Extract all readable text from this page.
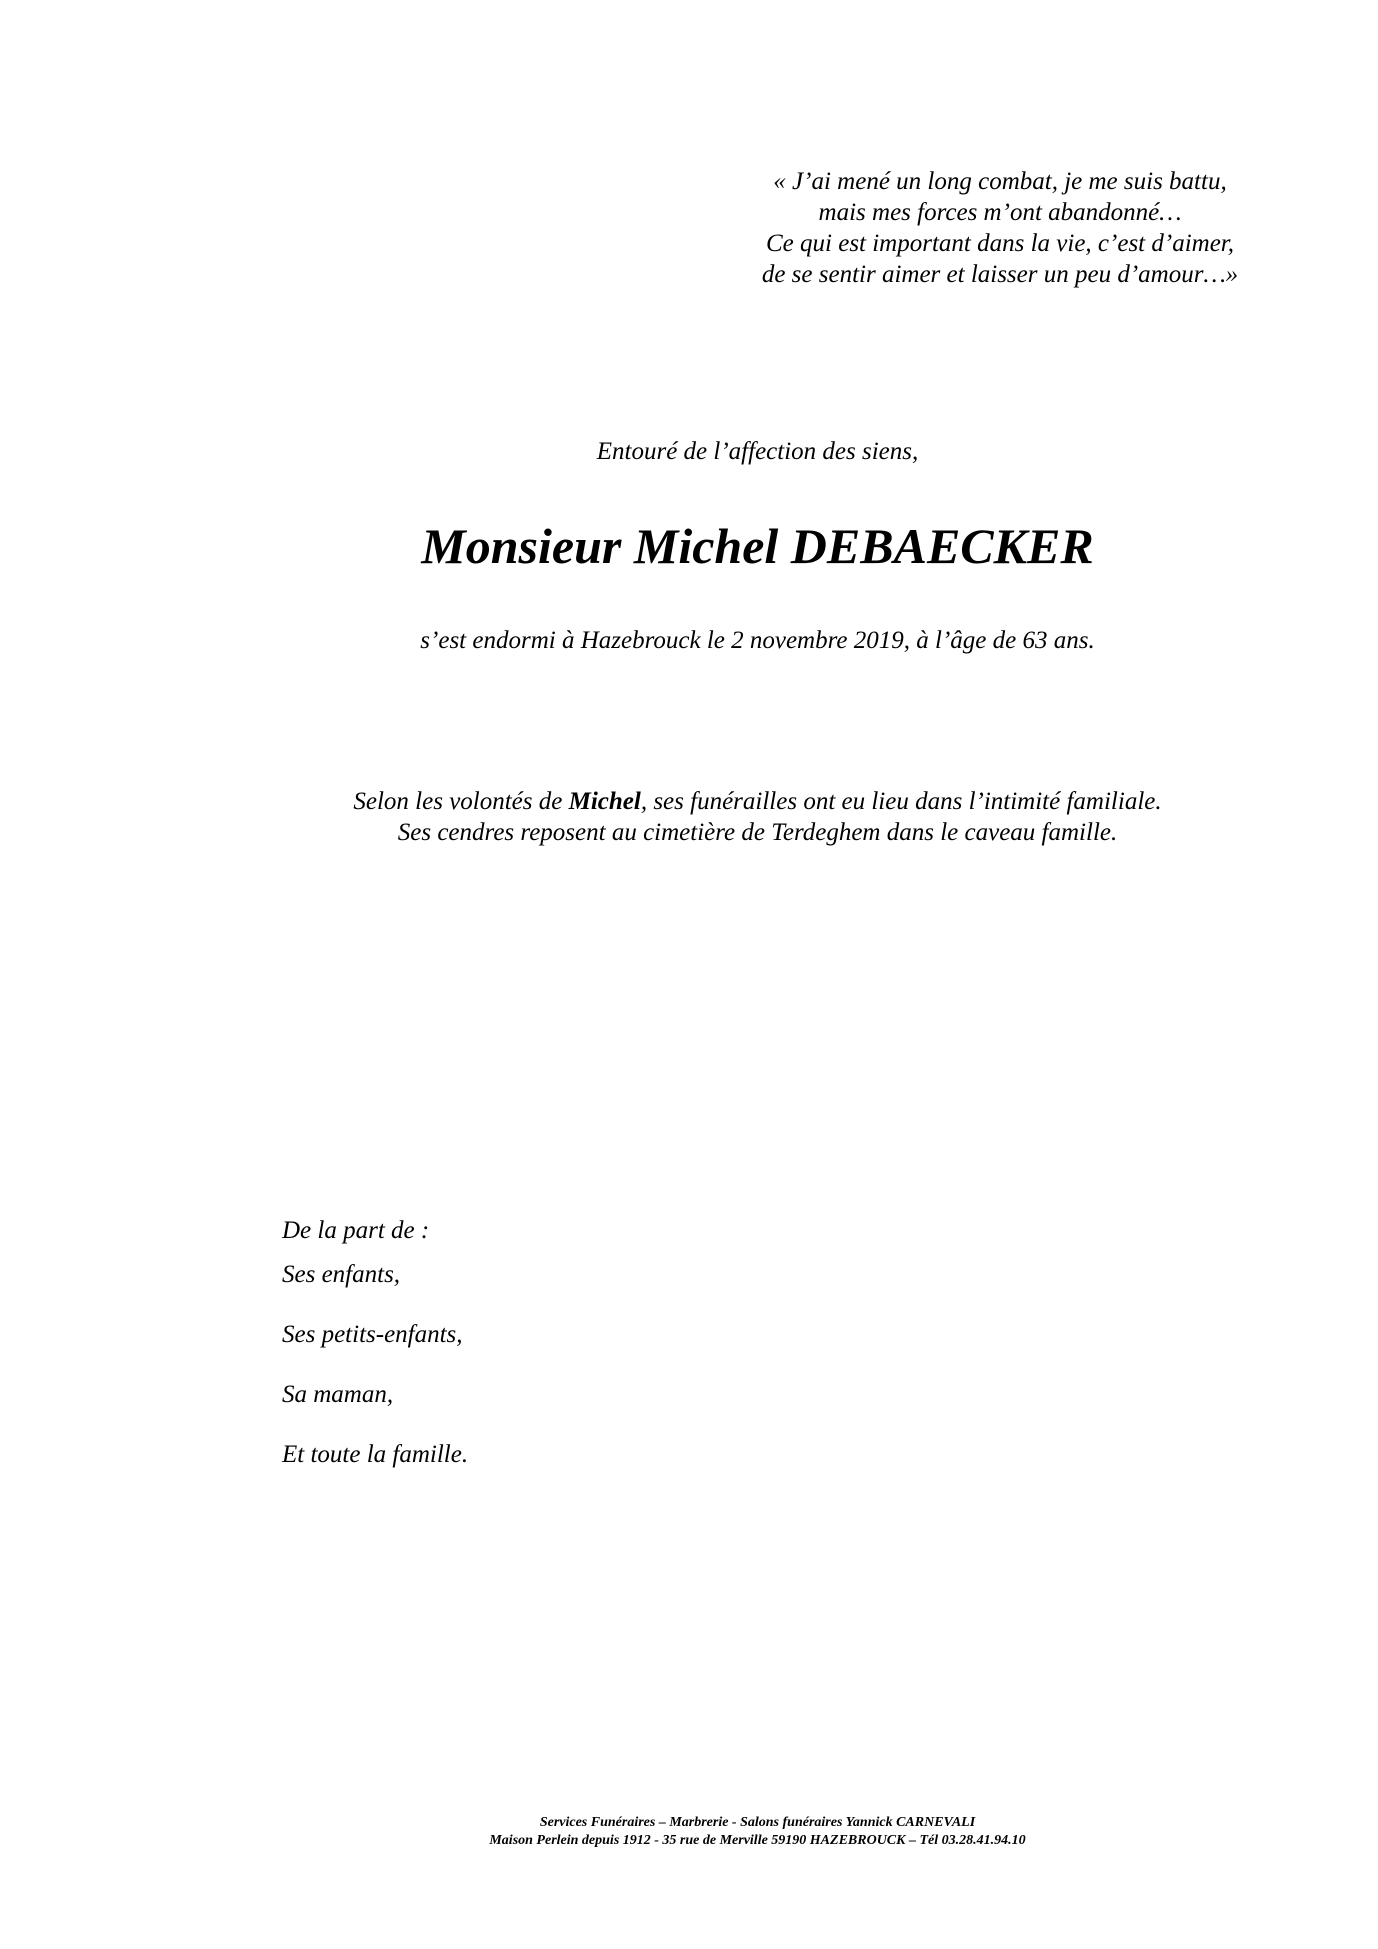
« J’ai mené un long combat, je me suis battu,
mais mes forces m’ont abandonné…
Ce qui est important dans la vie, c’est d’aimer,
de se sentir aimer et laisser un peu d’amour…»
Entouré de l’affection des siens,
Monsieur Michel DEBAECKER
s’est endormi à Hazebrouck le 2 novembre 2019, à l’âge de 63 ans.
Selon les volontés de Michel, ses funérailles ont eu lieu dans l’intimité familiale.
Ses cendres reposent au cimetière de Terdeghem dans le caveau famille.
De la part de :
Ses enfants,
Ses petits-enfants,
Sa maman,
Et toute la famille.
Services Funéraires – Marbrerie - Salons funéraires Yannick CARNEVALI
Maison Perlein depuis 1912 - 35 rue de Merville 59190 HAZEBROUCK – Tél 03.28.41.94.10
